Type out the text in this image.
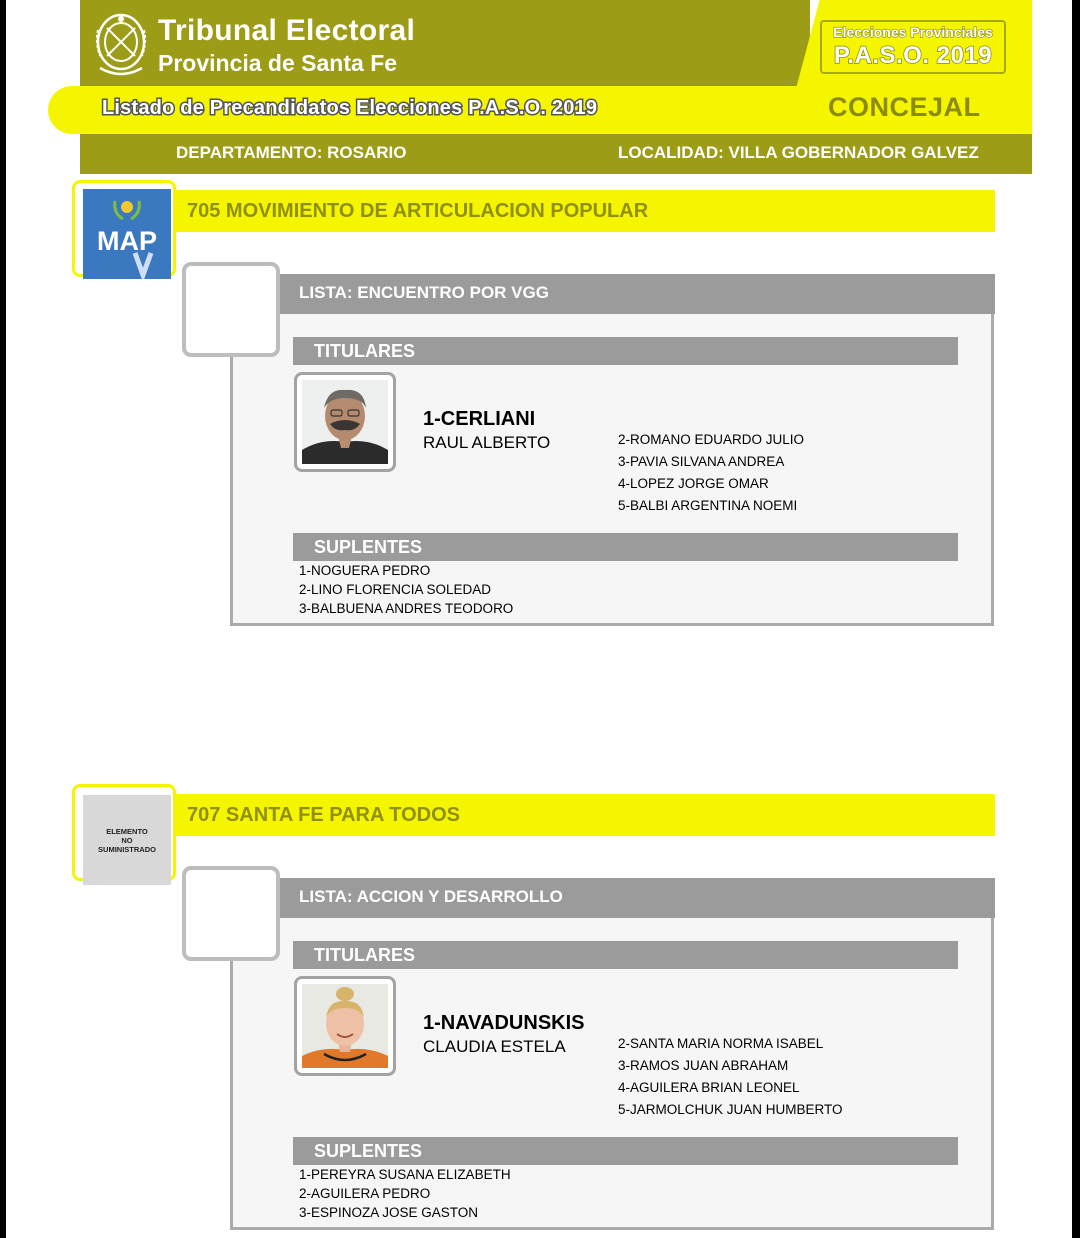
Tribunal Electoral
Provincia de Santa Fe
Elecciones Provinciales
P.A.S.O. 2019
Listado de Precandidatos Elecciones P.A.S.O. 2019	CONCEJAL
DEPARTAMENTO: ROSARIO	LOCALIDAD: VILLA GOBERNADOR GALVEZ
MAP
705 MOVIMIENTO DE ARTICULACION POPULAR
LISTA: ENCUENTRO POR VGG
TITULARES
1-CERLIANI
RAUL ALBERTO	2-ROMANO EDUARDO JULIO
3-PAVIA SILVANA ANDREA
4-LOPEZ JORGE OMAR
5-BALBI ARGENTINA NOEMI
SUPLENTES
1-NOGUERA PEDRO
2-LINO FLORENCIA SOLEDAD
3-BALBUENA ANDRES TEODORO
ELEMENTO
NO
SUMINISTRADO
707 SANTA FE PARA TODOS
LISTA: ACCION Y DESARROLLO
TITULARES
1-NAVADUNSKIS
CLAUDIA ESTELA	2-SANTA MARIA NORMA ISABEL
3-RAMOS JUAN ABRAHAM
4-AGUILERA BRIAN LEONEL
5-JARMOLCHUK JUAN HUMBERTO
SUPLENTES
1-PEREYRA SUSANA ELIZABETH
2-AGUILERA PEDRO
3-ESPINOZA JOSE GASTON
